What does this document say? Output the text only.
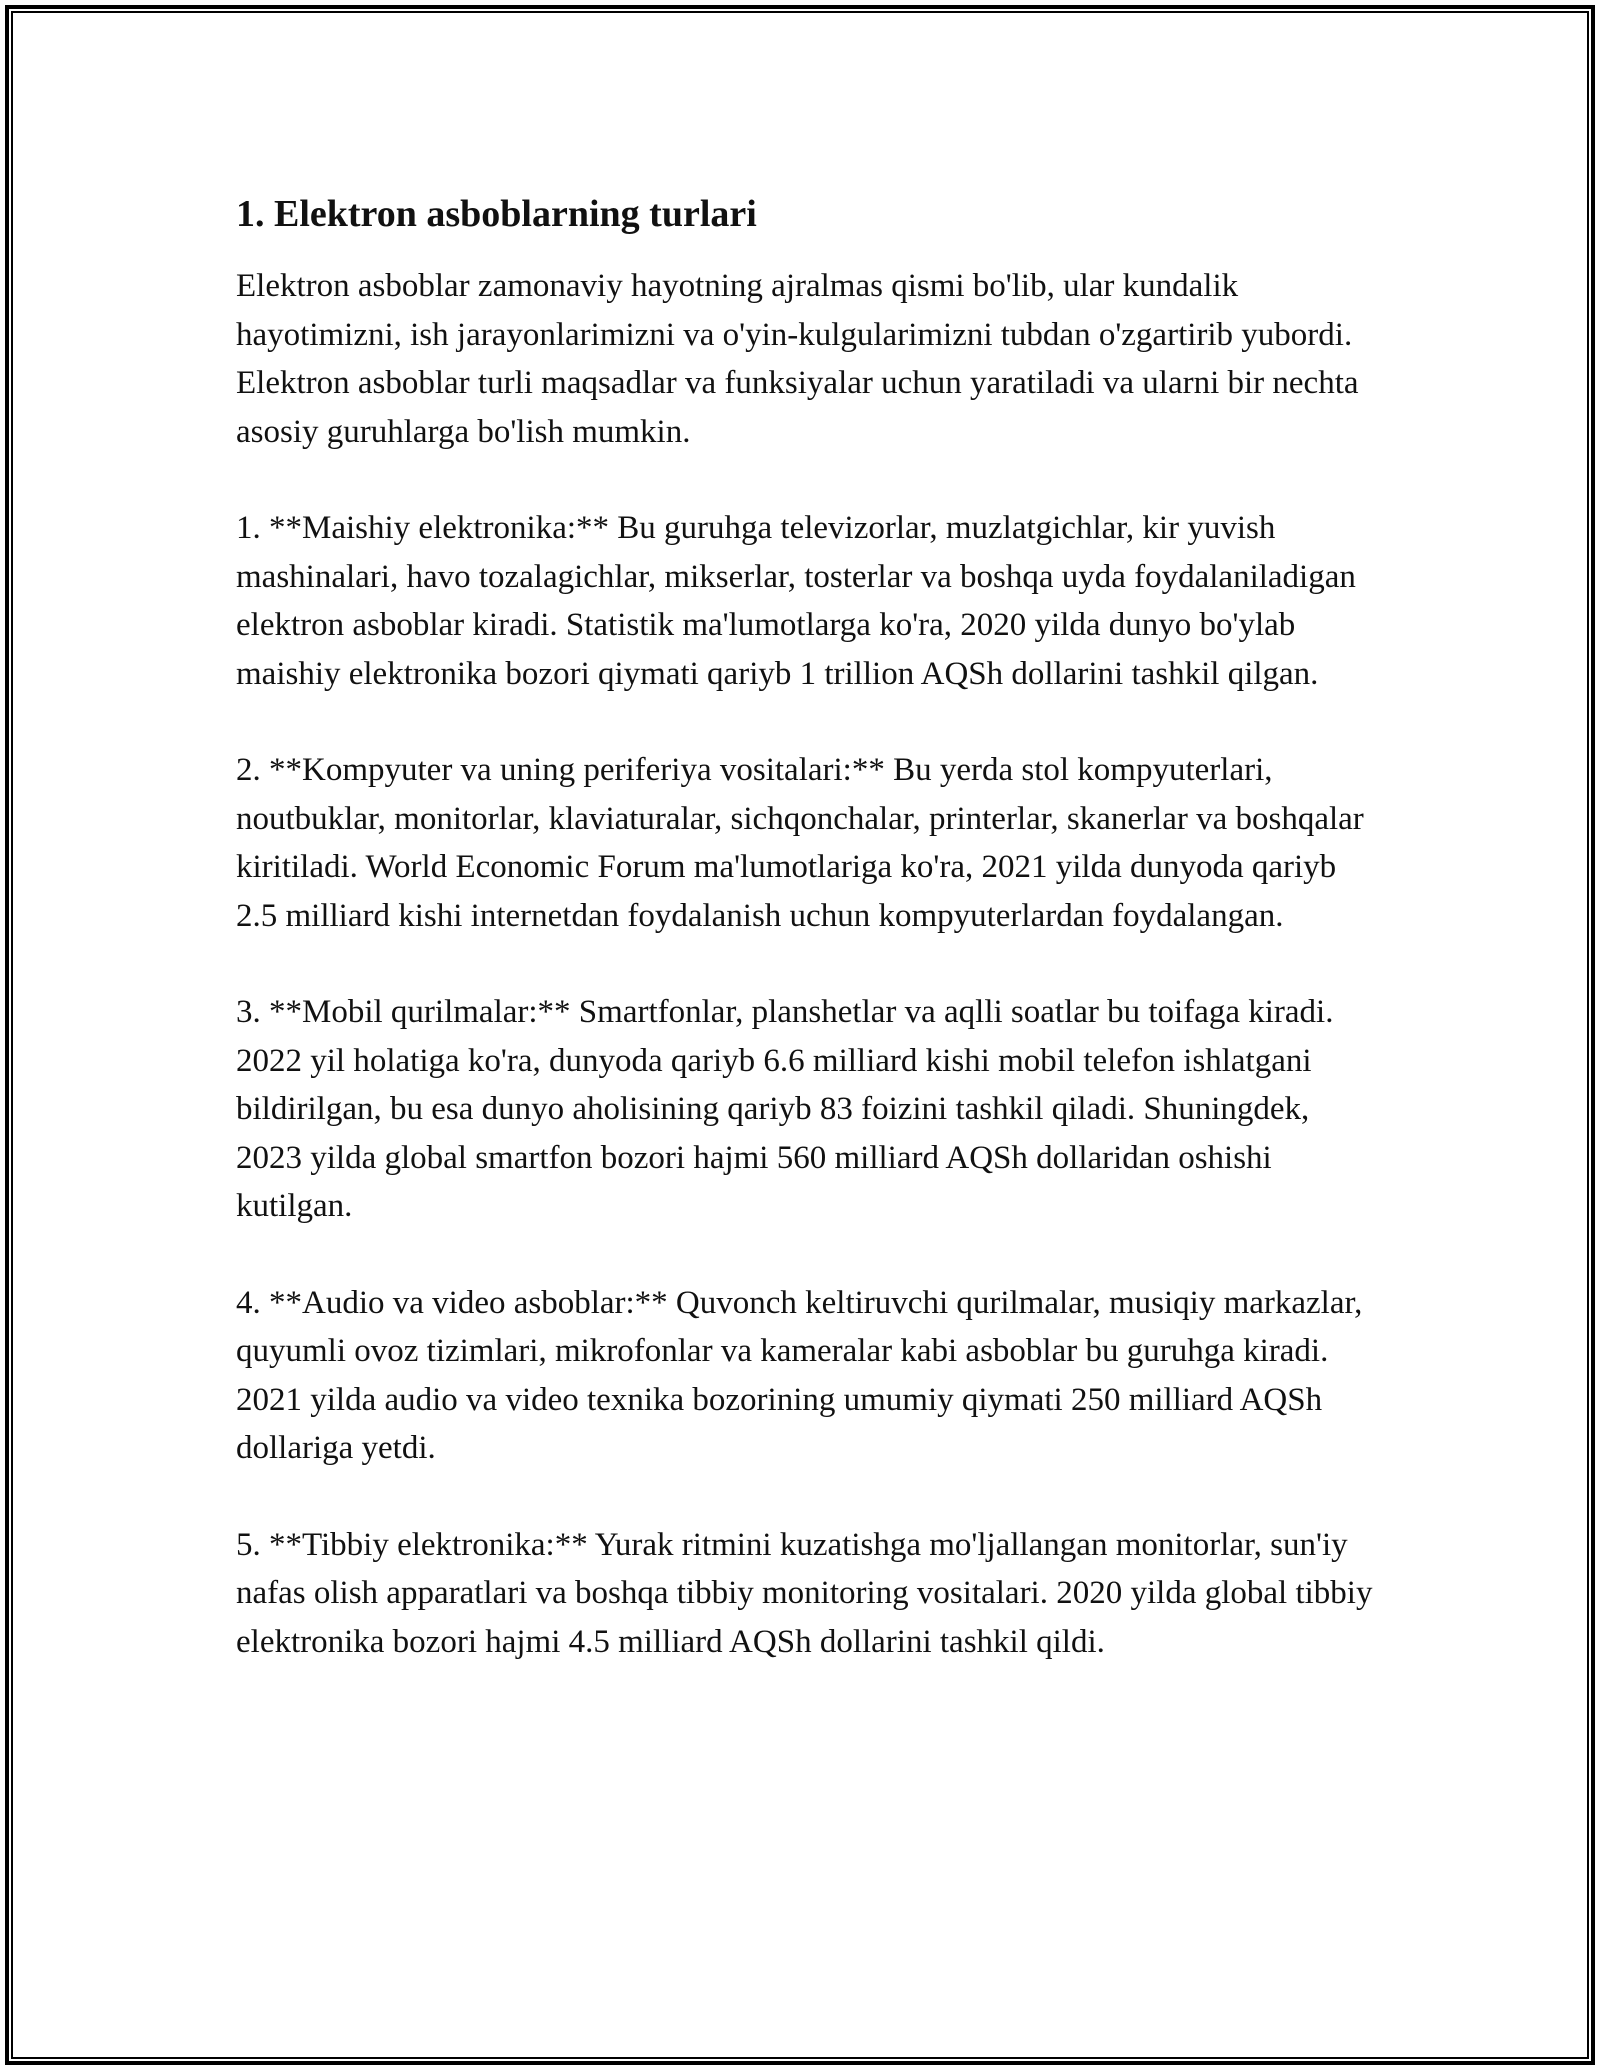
1. Elektron asboblarning turlari

Elektron asboblar zamonaviy hayotning ajralmas qismi bo'lib, ular kundalik hayotimizni, ish jarayonlarimizni va o'yin-kulgularimizni tubdan o'zgartirib yubordi. Elektron asboblar turli maqsadlar va funksiyalar uchun yaratiladi va ularni bir nechta asosiy guruhlarga bo'lish mumkin.

1. **Maishiy elektronika:** Bu guruhga televizorlar, muzlatgichlar, kir yuvish mashinalari, havo tozalagichlar, mikserlar, tosterlar va boshqa uyda foydalaniladigan elektron asboblar kiradi. Statistik ma'lumotlarga ko'ra, 2020 yilda dunyo bo'ylab maishiy elektronika bozori qiymati qariyb 1 trillion AQSh dollarini tashkil qilgan.

2. **Kompyuter va uning periferiya vositalari:** Bu yerda stol kompyuterlari, noutbuklar, monitorlar, klaviaturalar, sichqonchalar, printerlar, skanerlar va boshqalar kiritiladi. World Economic Forum ma'lumotlariga ko'ra, 2021 yilda dunyoda qariyb 2.5 milliard kishi internetdan foydalanish uchun kompyuterlardan foydalangan.

3. **Mobil qurilmalar:** Smartfonlar, planshetlar va aqlli soatlar bu toifaga kiradi. 2022 yil holatiga ko'ra, dunyoda qariyb 6.6 milliard kishi mobil telefon ishlatgani bildirilgan, bu esa dunyo aholisining qariyb 83 foizini tashkil qiladi. Shuningdek, 2023 yilda global smartfon bozori hajmi 560 milliard AQSh dollaridan oshishi kutilgan.

4. **Audio va video asboblar:** Quvonch keltiruvchi qurilmalar, musiqiy markazlar, quyumli ovoz tizimlari, mikrofonlar va kameralar kabi asboblar bu guruhga kiradi. 2021 yilda audio va video texnika bozorining umumiy qiymati 250 milliard AQSh dollariga yetdi.

5. **Tibbiy elektronika:** Yurak ritmini kuzatishga mo'ljallangan monitorlar, sun'iy nafas olish apparatlari va boshqa tibbiy monitoring vositalari. 2020 yilda global tibbiy elektronika bozori hajmi 4.5 milliard AQSh dollarini tashkil qildi.
